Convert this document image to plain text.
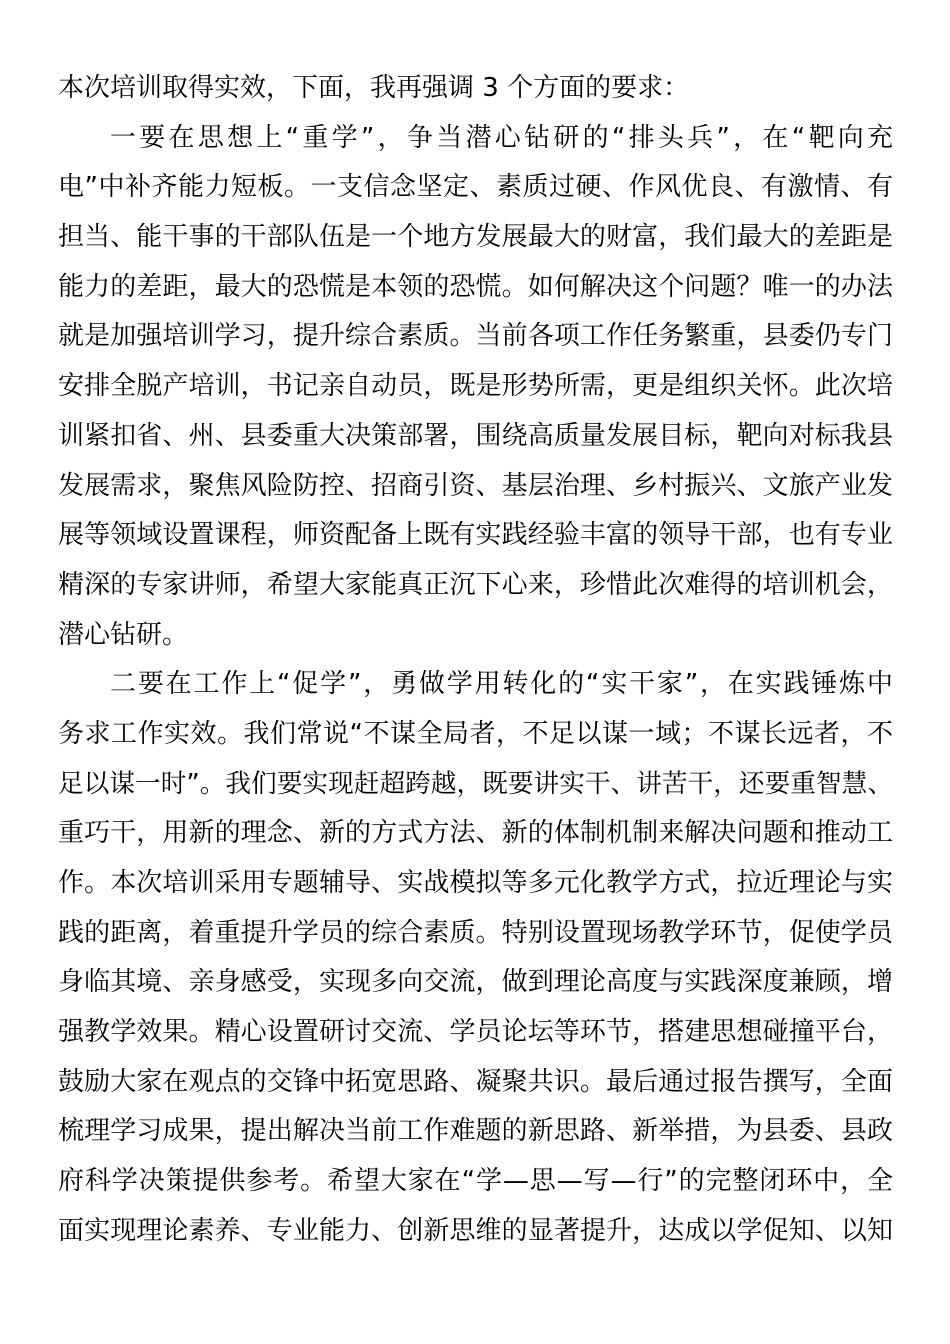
本次培训取得实效，下面，我再强调 3 个方面的要求：
一要在思想上“重学”，争当潜心钻研的“排头兵”，在“靶向充
电”中补齐能力短板。一支信念坚定、素质过硬、作风优良、有激情、有
担当、能干事的干部队伍是一个地方发展最大的财富，我们最大的差距是
能力的差距，最大的恐慌是本领的恐慌。如何解决这个问题？唯一的办法
就是加强培训学习，提升综合素质。当前各项工作任务繁重，县委仍专门
安排全脱产培训，书记亲自动员，既是形势所需，更是组织关怀。此次培
训紧扣省、州、县委重大决策部署，围绕高质量发展目标，靶向对标我县
发展需求，聚焦风险防控、招商引资、基层治理、乡村振兴、文旅产业发
展等领域设置课程，师资配备上既有实践经验丰富的领导干部，也有专业
精深的专家讲师，希望大家能真正沉下心来，珍惜此次难得的培训机会，
潜心钻研。
二要在工作上“促学”，勇做学用转化的“实干家”，在实践锤炼中
务求工作实效。我们常说“不谋全局者，不足以谋一域；不谋长远者，不
足以谋一时”。我们要实现赶超跨越，既要讲实干、讲苦干，还要重智慧、
重巧干，用新的理念、新的方式方法、新的体制机制来解决问题和推动工
作。本次培训采用专题辅导、实战模拟等多元化教学方式，拉近理论与实
践的距离，着重提升学员的综合素质。特别设置现场教学环节，促使学员
身临其境、亲身感受，实现多向交流，做到理论高度与实践深度兼顾，增
强教学效果。精心设置研讨交流、学员论坛等环节，搭建思想碰撞平台，
鼓励大家在观点的交锋中拓宽思路、凝聚共识。最后通过报告撰写，全面
梳理学习成果，提出解决当前工作难题的新思路、新举措，为县委、县政
府科学决策提供参考。希望大家在“学—思—写—行”的完整闭环中，全
面实现理论素养、专业能力、创新思维的显著提升，达成以学促知、以知
